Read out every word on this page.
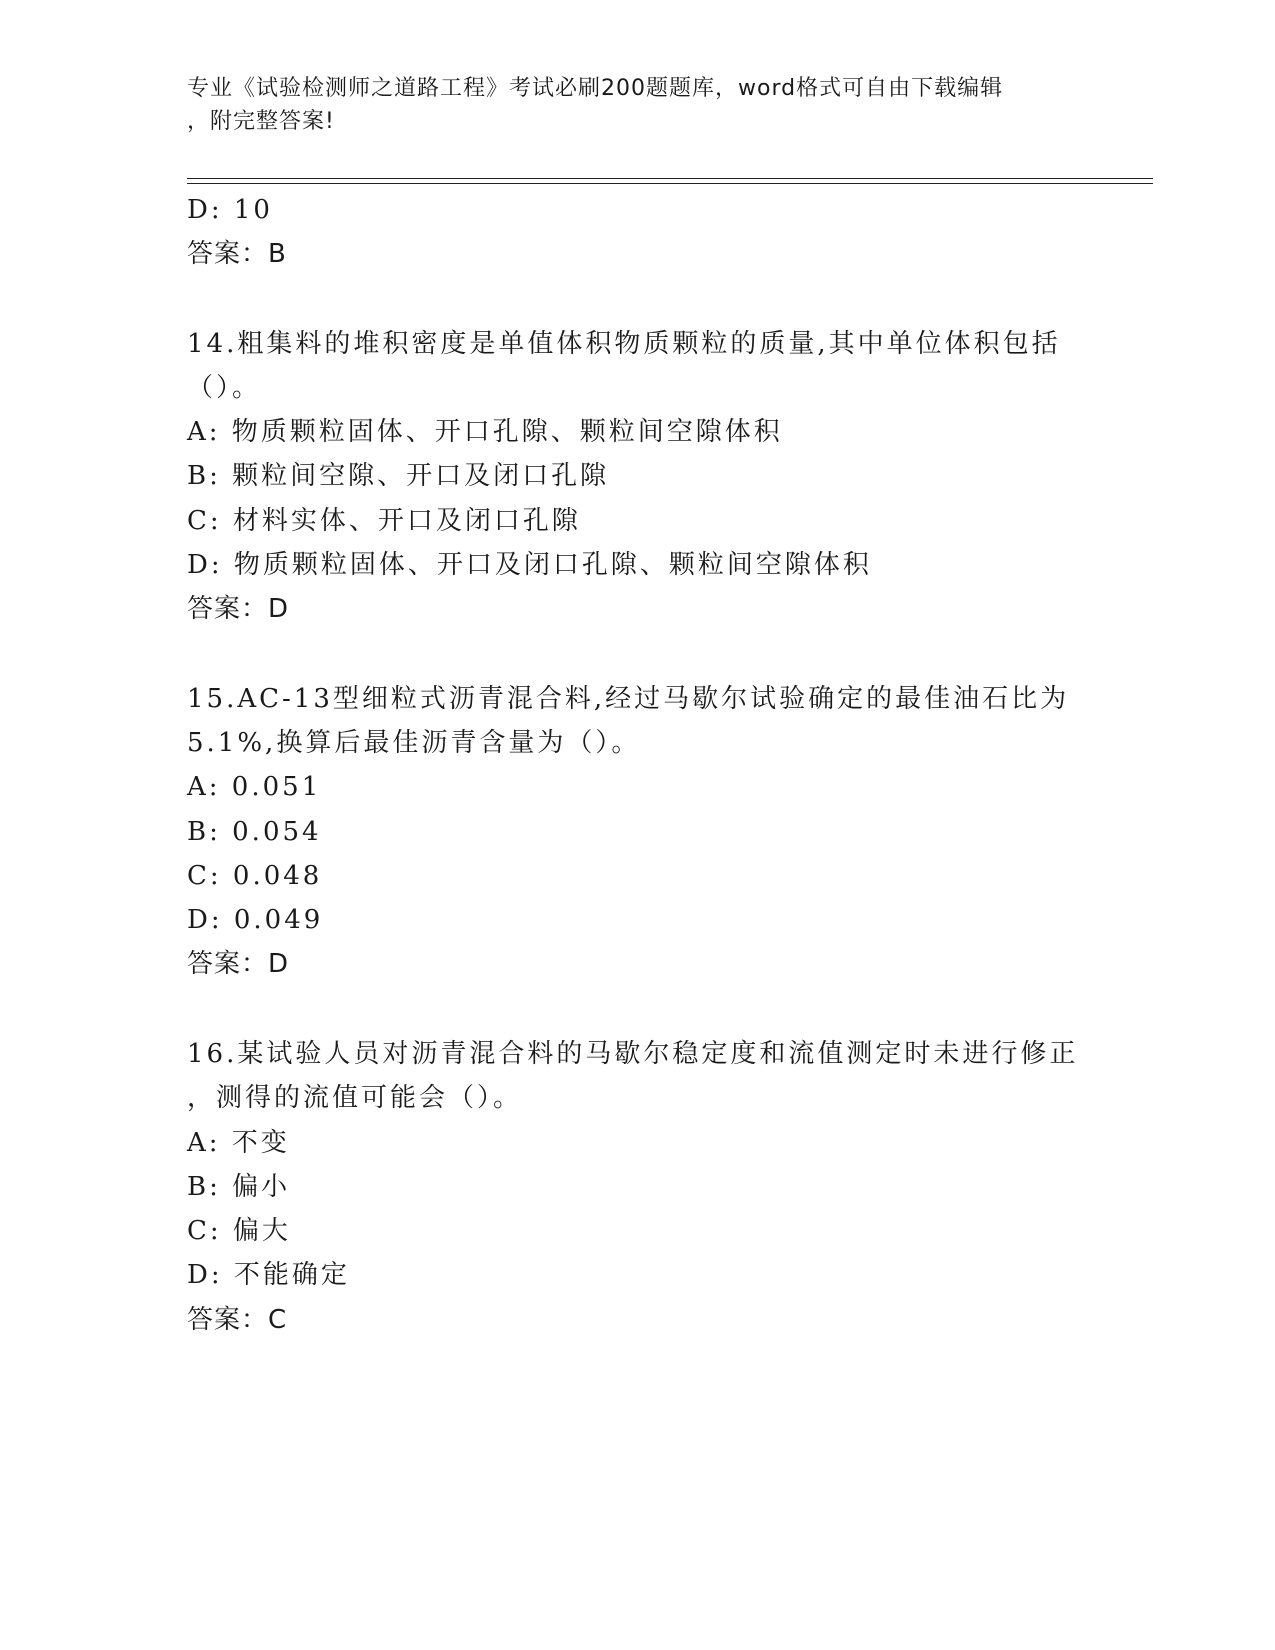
专业《试验检测师之道路工程》考试必刷200题题库，word格式可自由下载编辑
，附完整答案!
D: 10
答案：B
14.粗集料的堆积密度是单值体积物质颗粒的质量,其中单位体积包括
（）。
A: 物质颗粒固体、开口孔隙、颗粒间空隙体积
B: 颗粒间空隙、开口及闭口孔隙
C: 材料实体、开口及闭口孔隙
D: 物质颗粒固体、开口及闭口孔隙、颗粒间空隙体积
答案：D
15.AC-13型细粒式沥青混合料,经过马歇尔试验确定的最佳油石比为
5.1%,换算后最佳沥青含量为（）。
A: 0.051
B: 0.054
C: 0.048
D: 0.049
答案：D
16.某试验人员对沥青混合料的马歇尔稳定度和流值测定时未进行修正
，测得的流值可能会（）。
A: 不变
B: 偏小
C: 偏大
D: 不能确定
答案：C
